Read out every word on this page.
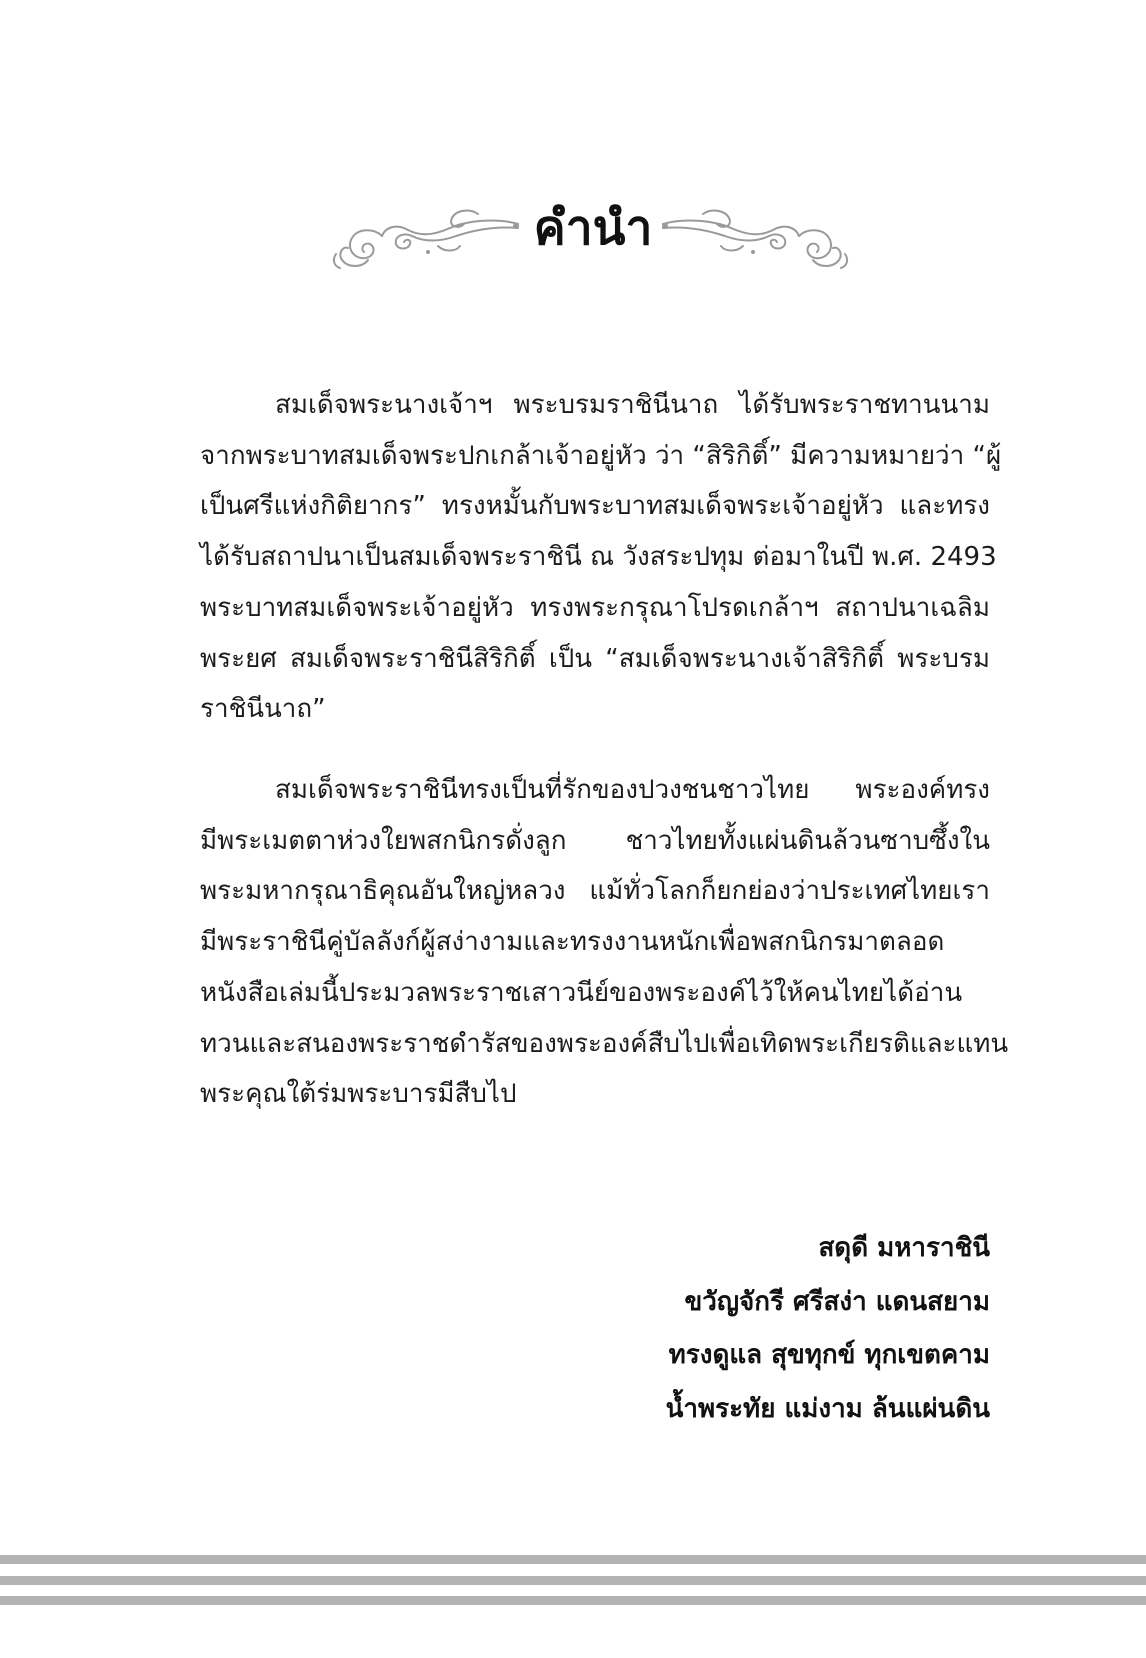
คำนำ
สมเด็จพระนางเจ้าฯ พระบรมราชินีนาถ ได้รับพระราชทานนาม
จากพระบาทสมเด็จพระปกเกล้าเจ้าอยู่หัว ว่า “สิริกิติ์” มีความหมายว่า “ผู้
เป็นศรีแห่งกิติยากร” ทรงหมั้นกับพระบาทสมเด็จพระเจ้าอยู่หัว และทรง
ได้รับสถาปนาเป็นสมเด็จพระราชินี ณ วังสระปทุม ต่อมาในปี พ.ศ. 2493
พระบาทสมเด็จพระเจ้าอยู่หัว ทรงพระกรุณาโปรดเกล้าฯ สถาปนาเฉลิม
พระยศ สมเด็จพระราชินีสิริกิติ์ เป็น “สมเด็จพระนางเจ้าสิริกิติ์ พระบรม
ราชินีนาถ”
สมเด็จพระราชินีทรงเป็นที่รักของปวงชนชาวไทย พระองค์ทรง
มีพระเมตตาห่วงใยพสกนิกรดั่งลูก ชาวไทยทั้งแผ่นดินล้วนซาบซึ้งใน
พระมหากรุณาธิคุณอันใหญ่หลวง แม้ทั่วโลกก็ยกย่องว่าประเทศไทยเรา
มีพระราชินีคู่บัลลังก์ผู้สง่างามและทรงงานหนักเพื่อพสกนิกรมาตลอด
หนังสือเล่มนี้ประมวลพระราชเสาวนีย์ของพระองค์ไว้ให้คนไทยได้อ่าน
ทวนและสนองพระราชดำรัสของพระองค์สืบไปเพื่อเทิดพระเกียรติและแทน
พระคุณใต้ร่มพระบารมีสืบไป
สดุดี มหาราชินี
ขวัญจักรี ศรีสง่า แดนสยาม
ทรงดูแล สุขทุกข์ ทุกเขตคาม
น้ำพระทัย แม่งาม ล้นแผ่นดิน
